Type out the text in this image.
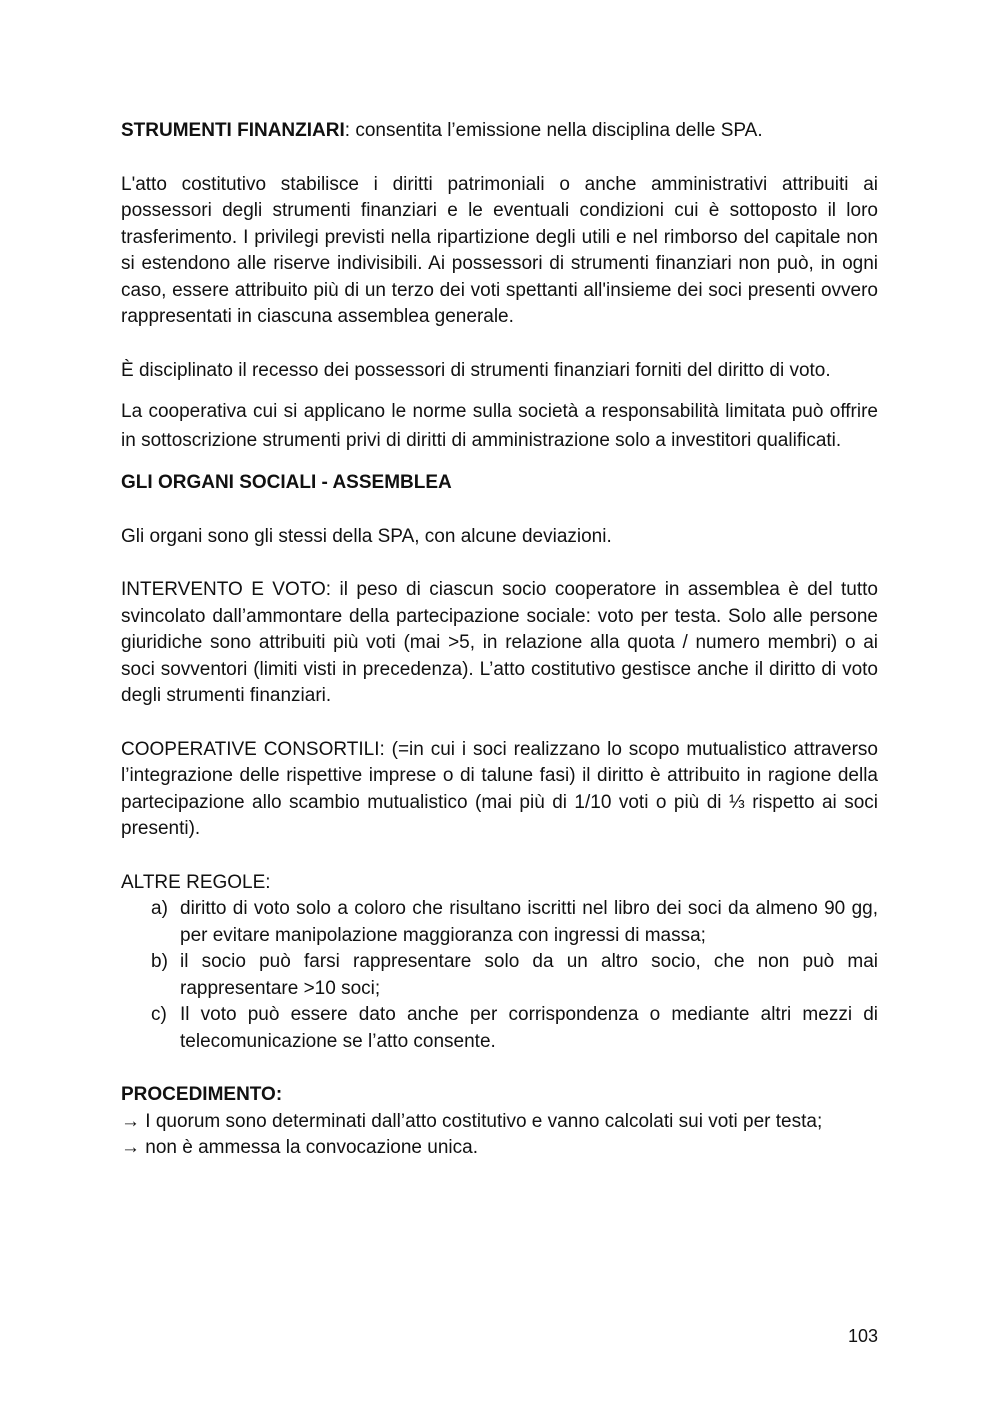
STRUMENTI FINANZIARI: consentita l’emissione nella disciplina delle SPA.

L'atto costitutivo stabilisce i diritti patrimoniali o anche amministrativi attribuiti ai possessori degli strumenti finanziari e le eventuali condizioni cui è sottoposto il loro trasferimento. I privilegi previsti nella ripartizione degli utili e nel rimborso del capitale non si estendono alle riserve indivisibili. Ai possessori di strumenti finanziari non può, in ogni caso, essere attribuito più di un terzo dei voti spettanti all'insieme dei soci presenti ovvero rappresentati in ciascuna assemblea generale.

È disciplinato il recesso dei possessori di strumenti finanziari forniti del diritto di voto.

La cooperativa cui si applicano le norme sulla società a responsabilità limitata può offrire in sottoscrizione strumenti privi di diritti di amministrazione solo a investitori qualificati.

GLI ORGANI SOCIALI - ASSEMBLEA

Gli organi sono gli stessi della SPA, con alcune deviazioni.

INTERVENTO E VOTO: il peso di ciascun socio cooperatore in assemblea è del tutto svincolato dall’ammontare della partecipazione sociale: voto per testa. Solo alle persone giuridiche sono attribuiti più voti (mai >5, in relazione alla quota / numero membri) o ai soci sovventori (limiti visti in precedenza). L’atto costitutivo gestisce anche il diritto di voto degli strumenti finanziari.

COOPERATIVE CONSORTILI: (=in cui i soci realizzano lo scopo mutualistico attraverso l’integrazione delle rispettive imprese o di talune fasi) il diritto è attribuito in ragione della partecipazione allo scambio mutualistico (mai più di 1/10 voti o più di ⅓ rispetto ai soci presenti).

ALTRE REGOLE:

a) diritto di voto solo a coloro che risultano iscritti nel libro dei soci da almeno 90 gg, per evitare manipolazione maggioranza con ingressi di massa;
b) il socio può farsi rappresentare solo da un altro socio, che non può mai rappresentare >10 soci;
c) Il voto può essere dato anche per corrispondenza o mediante altri mezzi di telecomunicazione se l’atto consente.

PROCEDIMENTO:

→ I quorum sono determinati dall’atto costitutivo e vanno calcolati sui voti per testa;
→ non è ammessa la convocazione unica.
103
